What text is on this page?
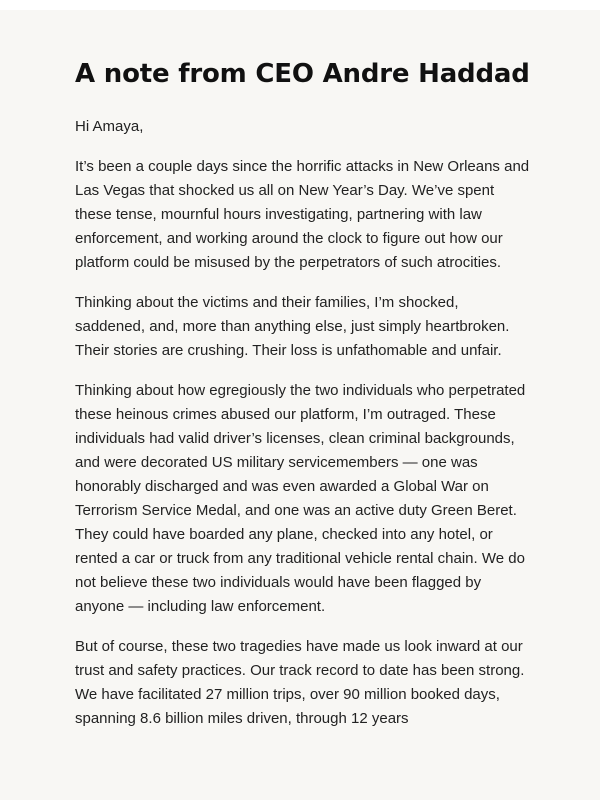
A note from CEO Andre Haddad

Hi Amaya,

It’s been a couple days since the horrific attacks in New Orleans and Las Vegas that shocked us all on New Year’s Day. We’ve spent these tense, mournful hours investigating, partnering with law enforcement, and working around the clock to figure out how our platform could be misused by the perpetrators of such atrocities.

Thinking about the victims and their families, I’m shocked, saddened, and, more than anything else, just simply heartbroken. Their stories are crushing. Their loss is unfathomable and unfair.

Thinking about how egregiously the two individuals who perpetrated these heinous crimes abused our platform, I’m outraged. These individuals had valid driver’s licenses, clean criminal backgrounds, and were decorated US military servicemembers — one was honorably discharged and was even awarded a Global War on Terrorism Service Medal, and one was an active duty Green Beret. They could have boarded any plane, checked into any hotel, or rented a car or truck from any traditional vehicle rental chain. We do not believe these two individuals would have been flagged by anyone — including law enforcement.

But of course, these two tragedies have made us look inward at our trust and safety practices. Our track record to date has been strong. We have facilitated 27 million trips, over 90 million booked days, spanning 8.6 billion miles driven, through 12 years
